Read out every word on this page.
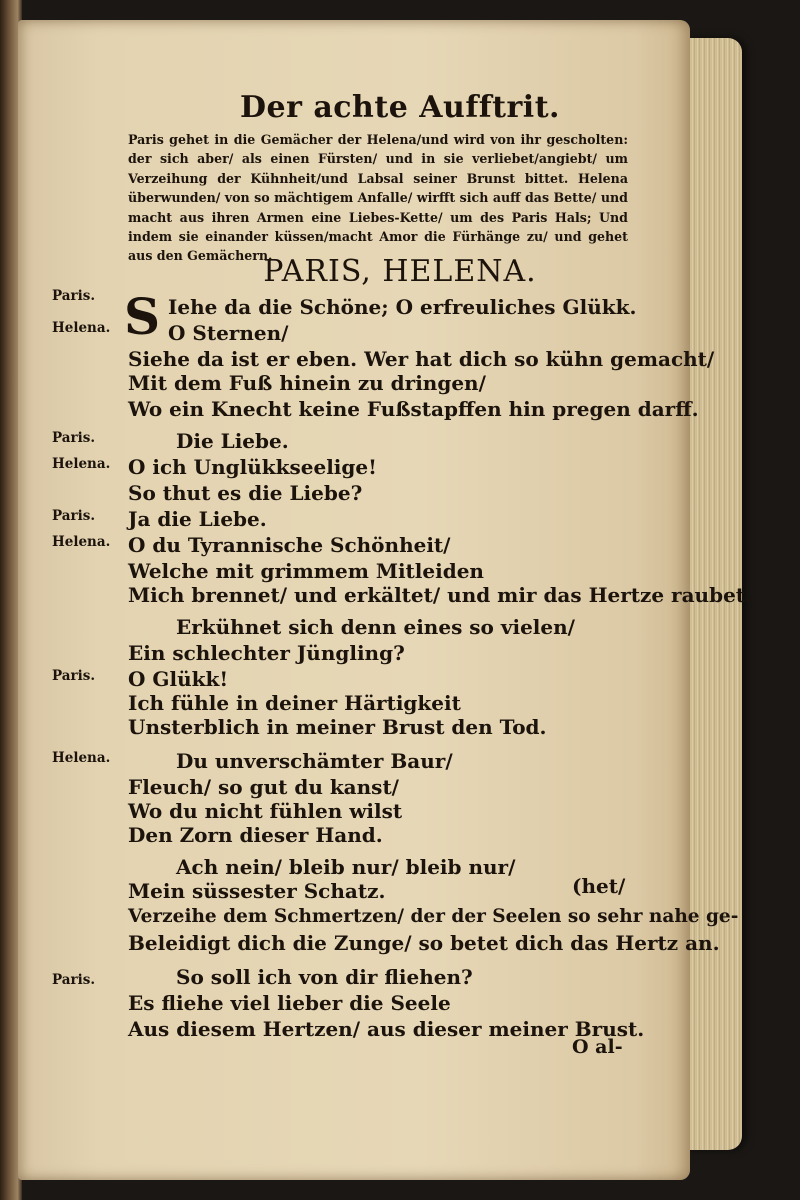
Der achte Aufftrit.
Paris gehet in die Gemächer der Helena/und wird von ihr gescholten: der sich aber/ als einen Fürsten/ und in sie verliebet/angiebt/ um Verzeihung der Kühnheit/und Labsal seiner Brunst bittet. Helena überwunden/ von so mächtigem Anfalle/ wirfft sich auff das Bette/ und macht aus ihren Armen eine Liebes-Kette/ um des Paris Hals; Und indem sie einander küssen/macht Amor die Fürhänge zu/ und gehet aus den Gemächern.
PARIS, HELENA.
S
Paris.	Iehe da die Schöne; O erfreuliches Glükk.
Helena.	O Sternen/
Siehe da ist er eben. Wer hat dich so kühn gemacht/
Mit dem Fuß hinein zu dringen/
Wo ein Knecht keine Fußstapffen hin pregen darff.
Paris.	Die Liebe.
Helena. O ich Unglükkseelige!
So thut es die Liebe?
Paris. Ja die Liebe.
Helena. O du Tyrannische Schönheit/
Welche mit grimmem Mitleiden
Mich brennet/ und erkältet/ und mir das Hertze raubet.
Erkühnet sich denn eines so vielen/
Ein schlechter Jüngling?
Paris. O Glükk!
Ich fühle in deiner Härtigkeit
Unsterblich in meiner Brust den Tod.
Helena.	Du unverschämter Baur/
Fleuch/ so gut du kanst/
Wo du nicht fühlen wilst
Den Zorn dieser Hand.
Ach nein/ bleib nur/ bleib nur/
Mein süssester Schatz.	(het/
Verzeihe dem Schmertzen/ der der Seelen so sehr nahe ge-
Beleidigt dich die Zunge/ so betet dich das Hertz an.
Paris.	So soll ich von dir fliehen?
Es fliehe viel lieber die Seele
Aus diesem Hertzen/ aus dieser meiner Brust.
O al-
